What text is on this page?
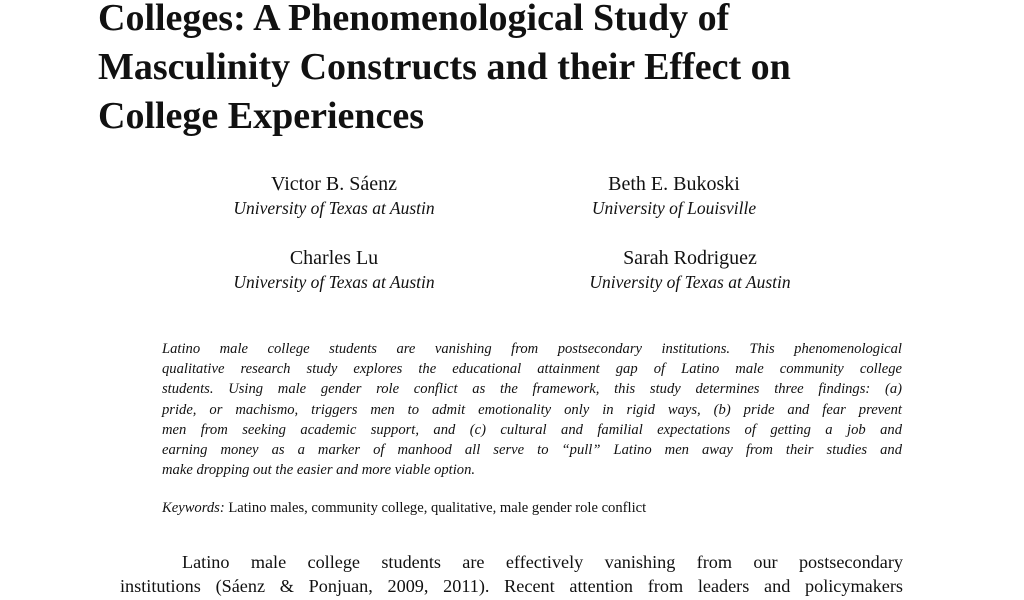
Colleges: A Phenomenological Study of
Masculinity Constructs and their Effect on
College Experiences
Victor B. Sáenz
University of Texas at Austin
Beth E. Bukoski
University of Louisville
Charles Lu
University of Texas at Austin
Sarah Rodriguez
University of Texas at Austin
Latino male college students are vanishing from postsecondary institutions. This phenomenological
qualitative research study explores the educational attainment gap of Latino male community college
students. Using male gender role conflict as the framework, this study determines three findings: (a)
pride, or machismo, triggers men to admit emotionality only in rigid ways, (b) pride and fear prevent
men from seeking academic support, and (c) cultural and familial expectations of getting a job and
earning money as a marker of manhood all serve to “pull” Latino men away from their studies and
make dropping out the easier and more viable option.
Keywords: Latino males, community college, qualitative, male gender role conflict
Latino male college students are effectively vanishing from our postsecondary
institutions (Sáenz & Ponjuan, 2009, 2011). Recent attention from leaders and policymakers
